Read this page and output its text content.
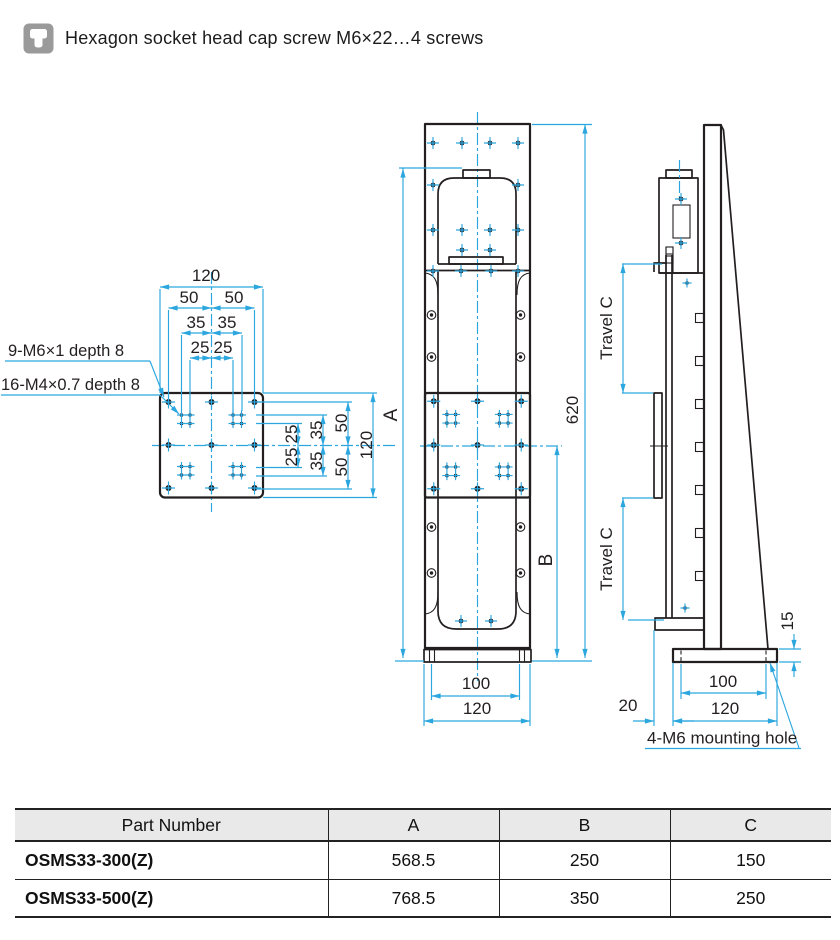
Hexagon socket head cap screw M6×22…4 screws
120
50 50
35 35
25 25
9-M6×1 depth 8
16-M4×0.7 depth 8
25
25
35
35
50
50
120
A
B
620
100
120
Travel C
Travel C
15
20
100
120
4-M6 mounting hole
Part Number	A	B	C
OSMS33-300(Z)	568.5	250	150
OSMS33-500(Z)	768.5	350	250
